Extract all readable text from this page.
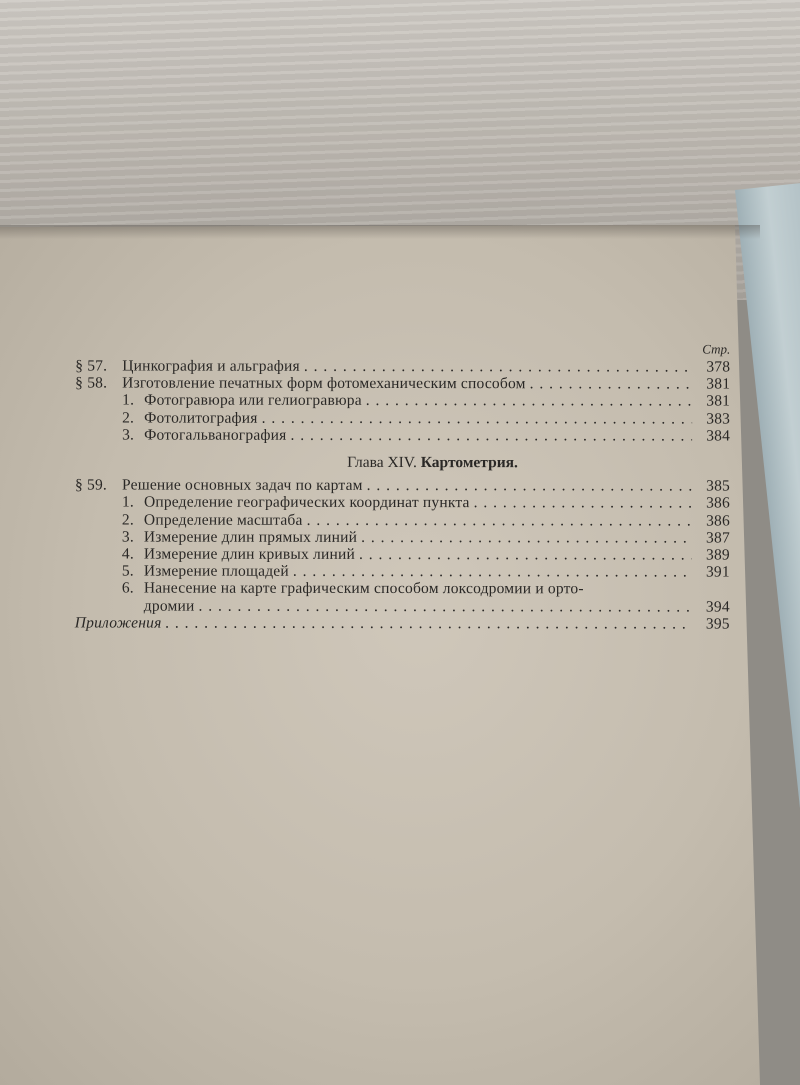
Стр.
§ 57. Цинкография и альграфия . . .	378
§ 58. Изготовление печатных форм фотомеханическим способом . . .	381
1. Фотогравюра или гелиогравюра . . .	381
2. Фотолитография . . .	383
3. Фотогальванография . . .	384
Глава XIV. Картометрия.
§ 59. Решение основных задач по картам . . .	385
1. Определение географических координат пункта . . .	386
2. Определение масштаба . . .	386
3. Измерение длин прямых линий . . .	387
4. Измерение длин кривых линий . . .	389
5. Измерение площадей . . .	391
6. Нанесение на карте графическим способом локсодромии и орто-
дромии . . .	394
Приложения . . .	395
